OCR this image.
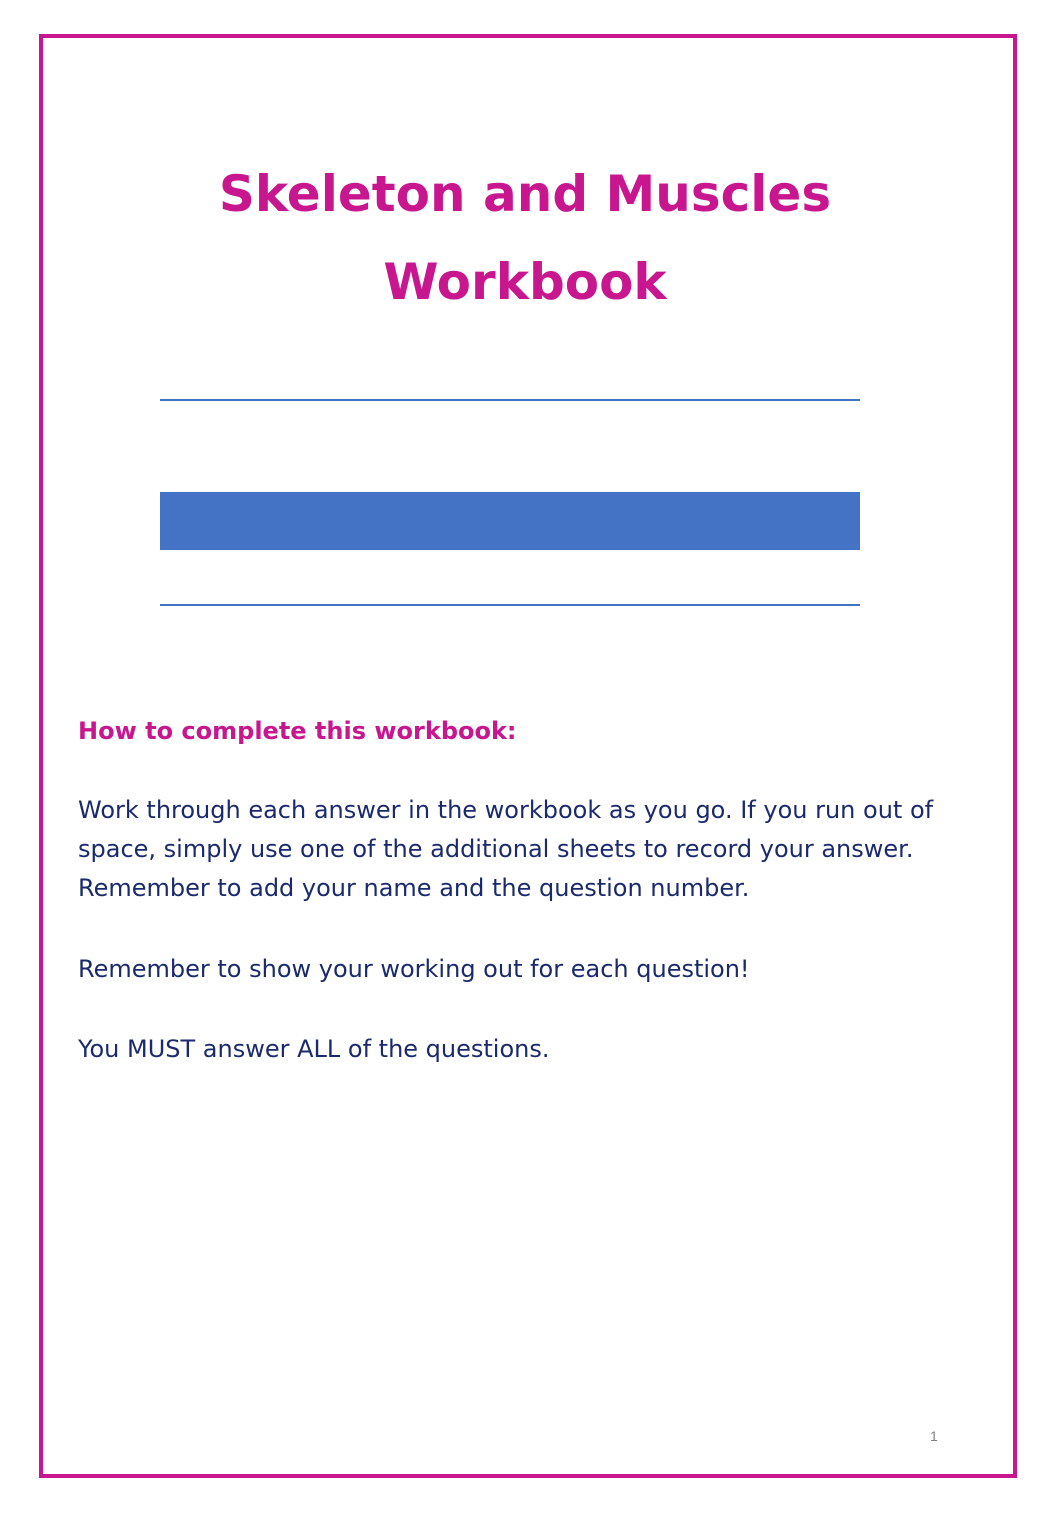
Skeleton and Muscles
Workbook
How to complete this workbook:

Work through each answer in the workbook as you go. If you run out of space, simply use one of the additional sheets to record your answer. Remember to add your name and the question number.

Remember to show your working out for each question!

You MUST answer ALL of the questions.

1
